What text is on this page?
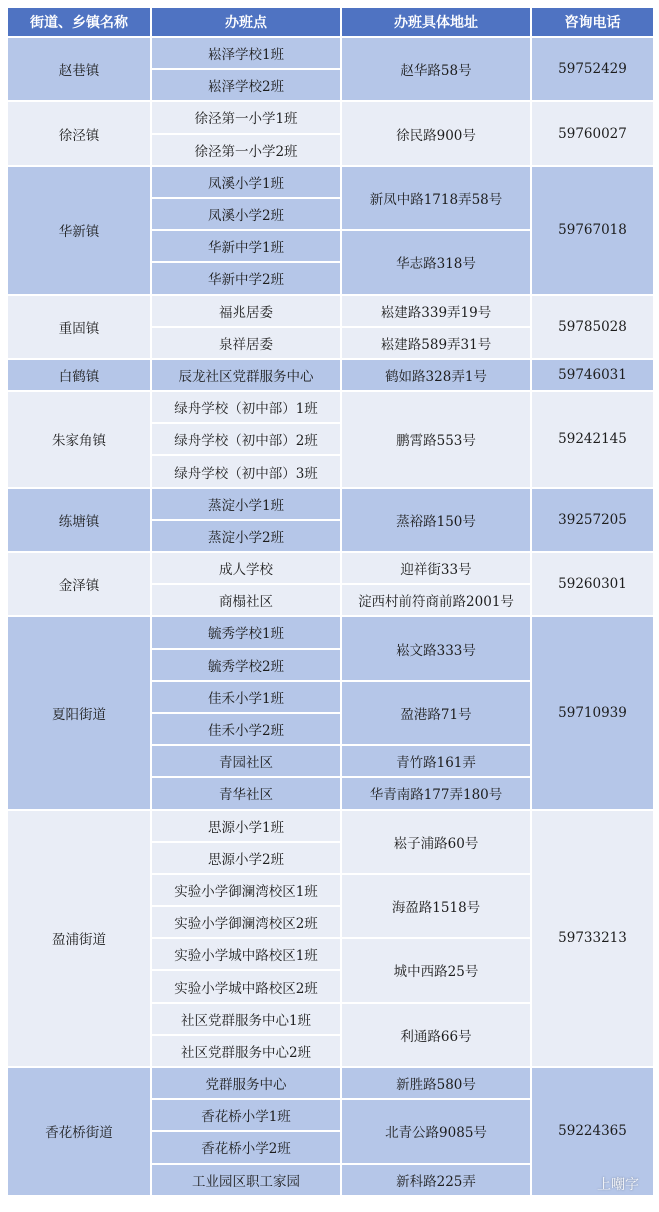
街道、乡镇名称	办班点	办班具体地址	咨询电话
赵巷镇	崧泽学校1班	赵华路58号	59752429
	崧泽学校2班		
徐泾镇	徐泾第一小学1班	徐民路900号	59760027
	徐泾第一小学2班		
华新镇	凤溪小学1班	新凤中路1718弄58号	59767018
	凤溪小学2班		
	华新中学1班	华志路318号	
	华新中学2班		
重固镇	福兆居委	崧建路339弄19号	59785028
	泉祥居委	崧建路589弄31号	
白鹤镇	辰龙社区党群服务中心	鹤如路328弄1号	59746031
朱家角镇	绿舟学校（初中部）1班	鹏霄路553号	59242145
	绿舟学校（初中部）2班		
	绿舟学校（初中部）3班		
练塘镇	蒸淀小学1班	蒸裕路150号	39257205
	蒸淀小学2班		
金泽镇	成人学校	迎祥街33号	59260301
	商榻社区	淀西村前符商前路2001号	
夏阳街道	毓秀学校1班	崧文路333号	59710939
	毓秀学校2班		
	佳禾小学1班	盈港路71号	
	佳禾小学2班		
	青园社区	青竹路161弄	
	青华社区	华青南路177弄180号	
盈浦街道	思源小学1班	崧子浦路60号	59733213
	思源小学2班		
	实验小学御澜湾校区1班	海盈路1518号	
	实验小学御澜湾校区2班		
	实验小学城中路校区1班	城中西路25号	
	实验小学城中路校区2班		
	社区党群服务中心1班	利通路66号	
	社区党群服务中心2班		
香花桥街道	党群服务中心	新胜路580号	59224365
	香花桥小学1班	北青公路9085号	
	香花桥小学2班		
	工业园区职工家园	新科路225弄		上嘲字
